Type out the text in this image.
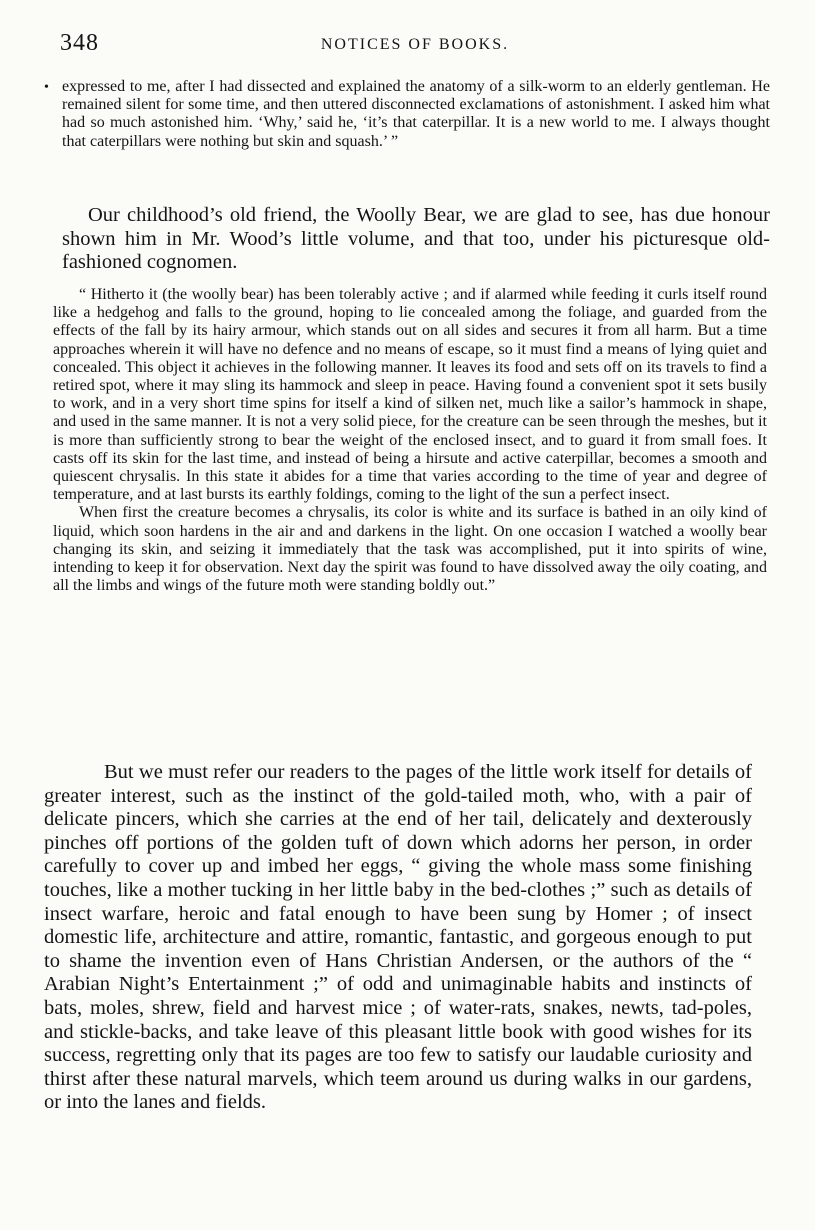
348	NOTICES OF BOOKS.
• expressed to me, after I had dissected and explained the anatomy of a silk-worm to an elderly gentleman. He remained silent for some time, and then uttered disconnected exclamations of astonishment. I asked him what had so much astonished him. ‘Why,’ said he, ‘it’s that caterpillar. It is a new world to me. I always thought that caterpillars were nothing but skin and squash.’ ”

Our childhood’s old friend, the Woolly Bear, we are glad to see, has due honour shown him in Mr. Wood’s little volume, and that too, under his picturesque old-fashioned cognomen.

“ Hitherto it (the woolly bear) has been tolerably active ; and if alarmed while feeding it curls itself round like a hedgehog and falls to the ground, hoping to lie concealed among the foliage, and guarded from the effects of the fall by its hairy armour, which stands out on all sides and secures it from all harm. But a time approaches wherein it will have no defence and no means of escape, so it must find a means of lying quiet and concealed. This object it achieves in the following manner. It leaves its food and sets off on its travels to find a retired spot, where it may sling its hammock and sleep in peace. Having found a convenient spot it sets busily to work, and in a very short time spins for itself a kind of silken net, much like a sailor’s hammock in shape, and used in the same manner. It is not a very solid piece, for the creature can be seen through the meshes, but it is more than sufficiently strong to bear the weight of the enclosed insect, and to guard it from small foes. It casts off its skin for the last time, and instead of being a hirsute and active caterpillar, becomes a smooth and quiescent chrysalis. In this state it abides for a time that varies according to the time of year and degree of temperature, and at last bursts its earthly foldings, coming to the light of the sun a perfect insect.

When first the creature becomes a chrysalis, its color is white and its surface is bathed in an oily kind of liquid, which soon hardens in the air and and darkens in the light. On one occasion I watched a woolly bear changing its skin, and seizing it immediately that the task was accomplished, put it into spirits of wine, intending to keep it for observation. Next day the spirit was found to have dissolved away the oily coating, and all the limbs and wings of the future moth were standing boldly out.”

But we must refer our readers to the pages of the little work itself for details of greater interest, such as the instinct of the gold-tailed moth, who, with a pair of delicate pincers, which she carries at the end of her tail, delicately and dexterously pinches off portions of the golden tuft of down which adorns her person, in order carefully to cover up and imbed her eggs, “ giving the whole mass some finishing touches, like a mother tucking in her little baby in the bed-clothes ;” such as details of insect warfare, heroic and fatal enough to have been sung by Homer ; of insect domestic life, architecture and attire, romantic, fantastic, and gorgeous enough to put to shame the invention even of Hans Christian Andersen, or the authors of the “ Arabian Night’s Entertainment ;” of odd and unimaginable habits and instincts of bats, moles, shrew, field and harvest mice ; of water-rats, snakes, newts, tad-poles, and stickle-backs, and take leave of this pleasant little book with good wishes for its success, regretting only that its pages are too few to satisfy our laudable curiosity and thirst after these natural marvels, which teem around us during walks in our gardens, or into the lanes and fields.
